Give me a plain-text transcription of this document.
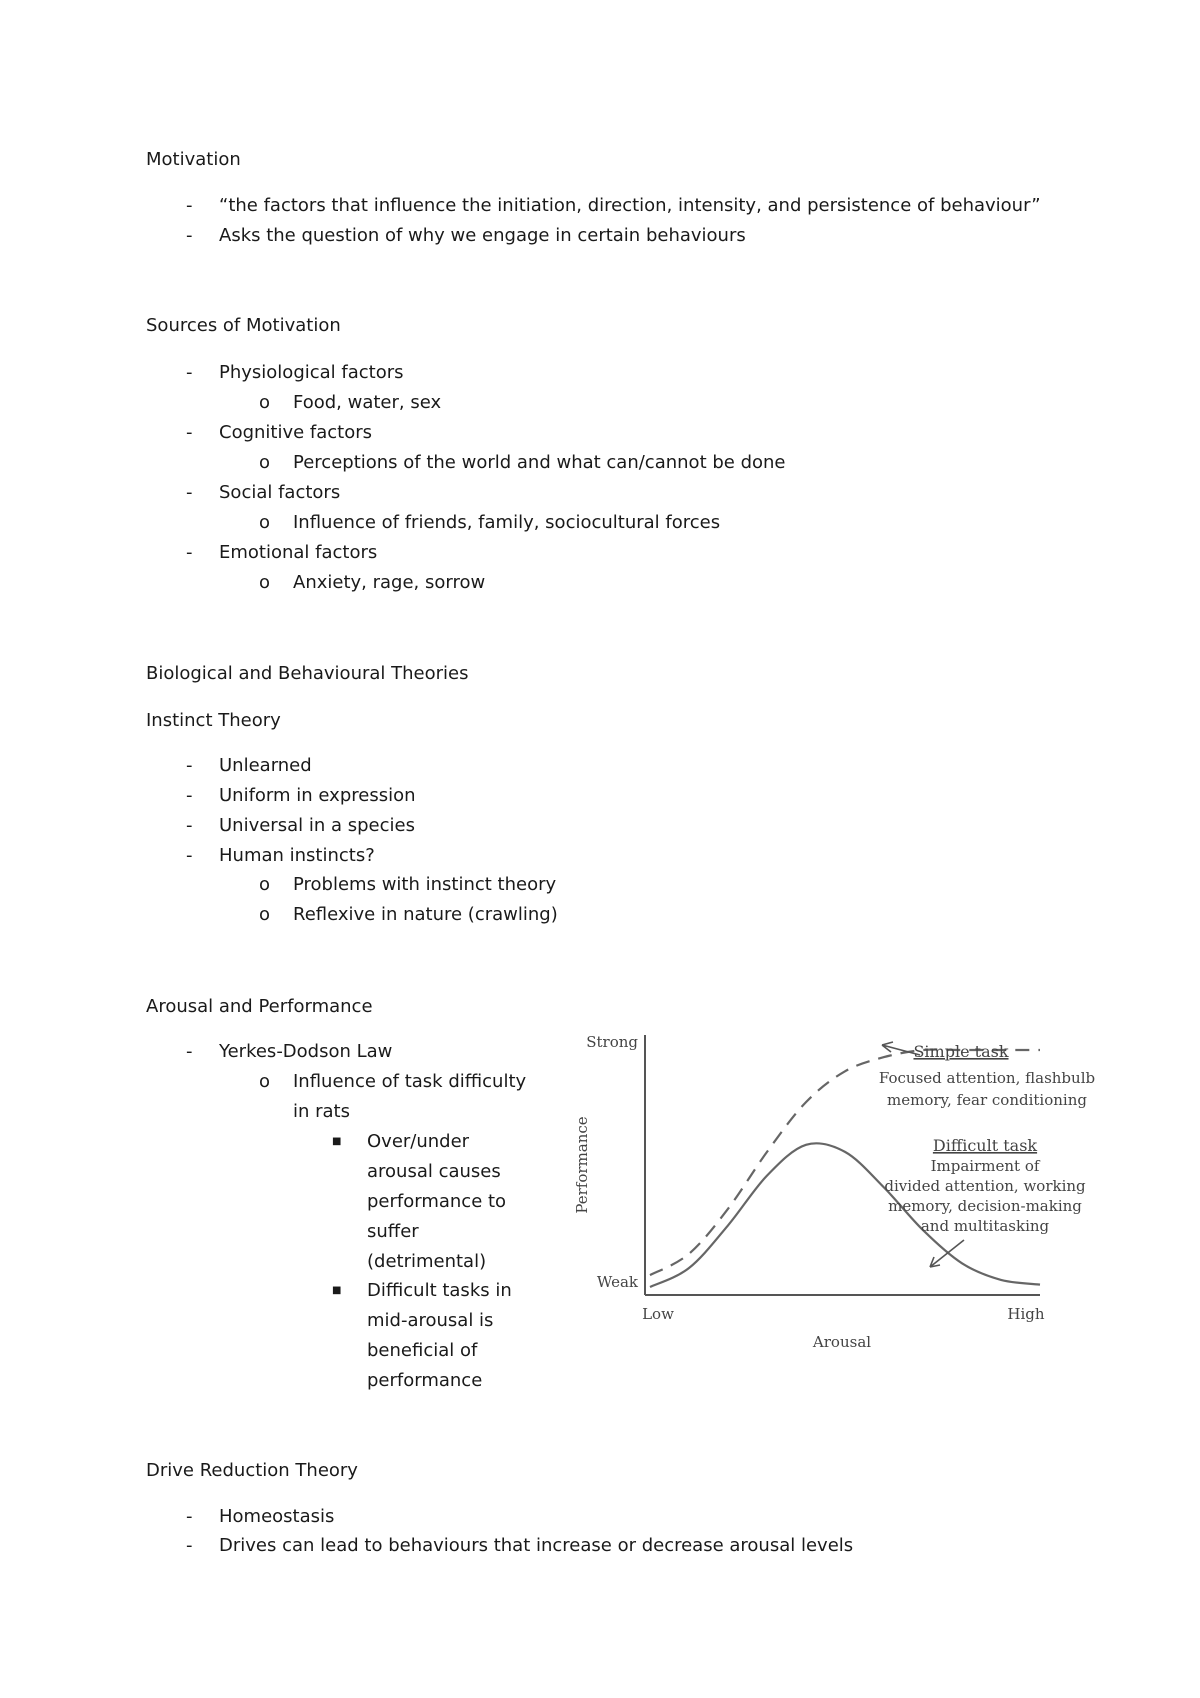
Motivation
- “the factors that influence the initiation, direction, intensity, and persistence of behaviour”
- Asks the question of why we engage in certain behaviours
Sources of Motivation
- Physiological factors
o Food, water, sex
- Cognitive factors
o Perceptions of the world and what can/cannot be done
- Social factors
o Influence of friends, family, sociocultural forces
- Emotional factors
o Anxiety, rage, sorrow
Biological and Behavioural Theories
Instinct Theory
- Unlearned
- Uniform in expression
- Universal in a species
- Human instincts?
o Problems with instinct theory
o Reflexive in nature (crawling)
Arousal and Performance
- Yerkes-Dodson Law
o Influence of task difficulty
in rats
■ Over/under
arousal causes
performance to
suffer
(detrimental)
■ Difficult tasks in
mid-arousal is
beneficial of
performance
Strong
Weak
Low	High
Arousal
Performance
Simple task
Focused attention, flashbulb
memory, fear conditioning
Difficult task
Impairment of
divided attention, working
memory, decision-making
and multitasking
Drive Reduction Theory
- Homeostasis
- Drives can lead to behaviours that increase or decrease arousal levels
